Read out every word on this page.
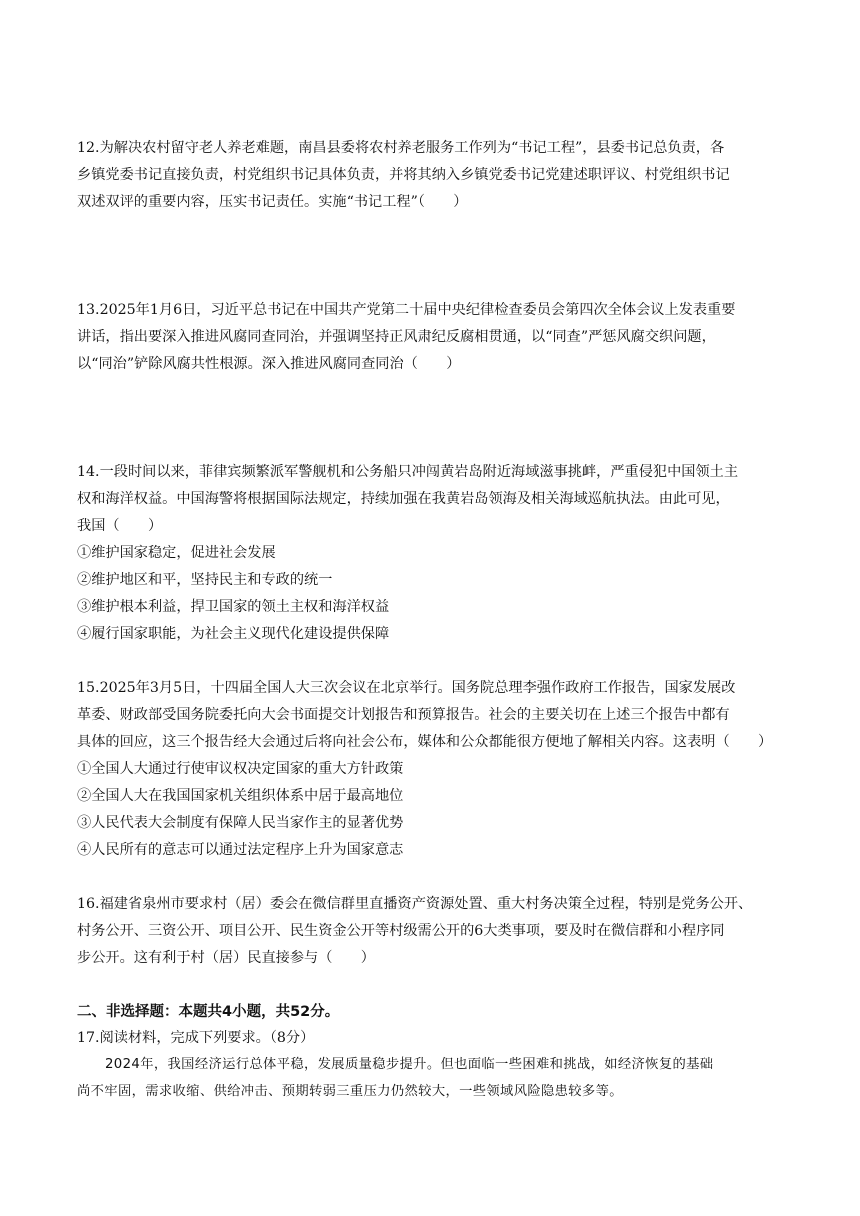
12.为解决农村留守老人养老难题，南昌县委将农村养老服务工作列为“书记工程”，县委书记总负责，各
乡镇党委书记直接负责，村党组织书记具体负责，并将其纳入乡镇党委书记党建述职评议、村党组织书记
双述双评的重要内容，压实书记责任。实施“书记工程”（　　）
13.2025年1月6日，习近平总书记在中国共产党第二十届中央纪律检查委员会第四次全体会议上发表重要
讲话，指出要深入推进风腐同查同治，并强调坚持正风肃纪反腐相贯通，以“同查”严惩风腐交织问题，
以“同治”铲除风腐共性根源。深入推进风腐同查同治（　　）
14.一段时间以来，菲律宾频繁派军警舰机和公务船只冲闯黄岩岛附近海域滋事挑衅，严重侵犯中国领土主
权和海洋权益。中国海警将根据国际法规定，持续加强在我黄岩岛领海及相关海域巡航执法。由此可见，
我国（　　）
①维护国家稳定，促进社会发展
②维护地区和平，坚持民主和专政的统一
③维护根本利益，捍卫国家的领土主权和海洋权益
④履行国家职能，为社会主义现代化建设提供保障
15.2025年3月5日，十四届全国人大三次会议在北京举行。国务院总理李强作政府工作报告，国家发展改
革委、财政部受国务院委托向大会书面提交计划报告和预算报告。社会的主要关切在上述三个报告中都有
具体的回应，这三个报告经大会通过后将向社会公布，媒体和公众都能很方便地了解相关内容。这表明（　　）
①全国人大通过行使审议权决定国家的重大方针政策
②全国人大在我国国家机关组织体系中居于最高地位
③人民代表大会制度有保障人民当家作主的显著优势
④人民所有的意志可以通过法定程序上升为国家意志
16.福建省泉州市要求村（居）委会在微信群里直播资产资源处置、重大村务决策全过程，特别是党务公开、
村务公开、三资公开、项目公开、民生资金公开等村级需公开的6大类事项，要及时在微信群和小程序同
步公开。这有利于村（居）民直接参与（　　）
二、非选择题：本题共4小题，共52分。
17.阅读材料，完成下列要求。（8分）
2024年，我国经济运行总体平稳，发展质量稳步提升。但也面临一些困难和挑战，如经济恢复的基础
尚不牢固，需求收缩、供给冲击、预期转弱三重压力仍然较大，一些领域风险隐患较多等。
